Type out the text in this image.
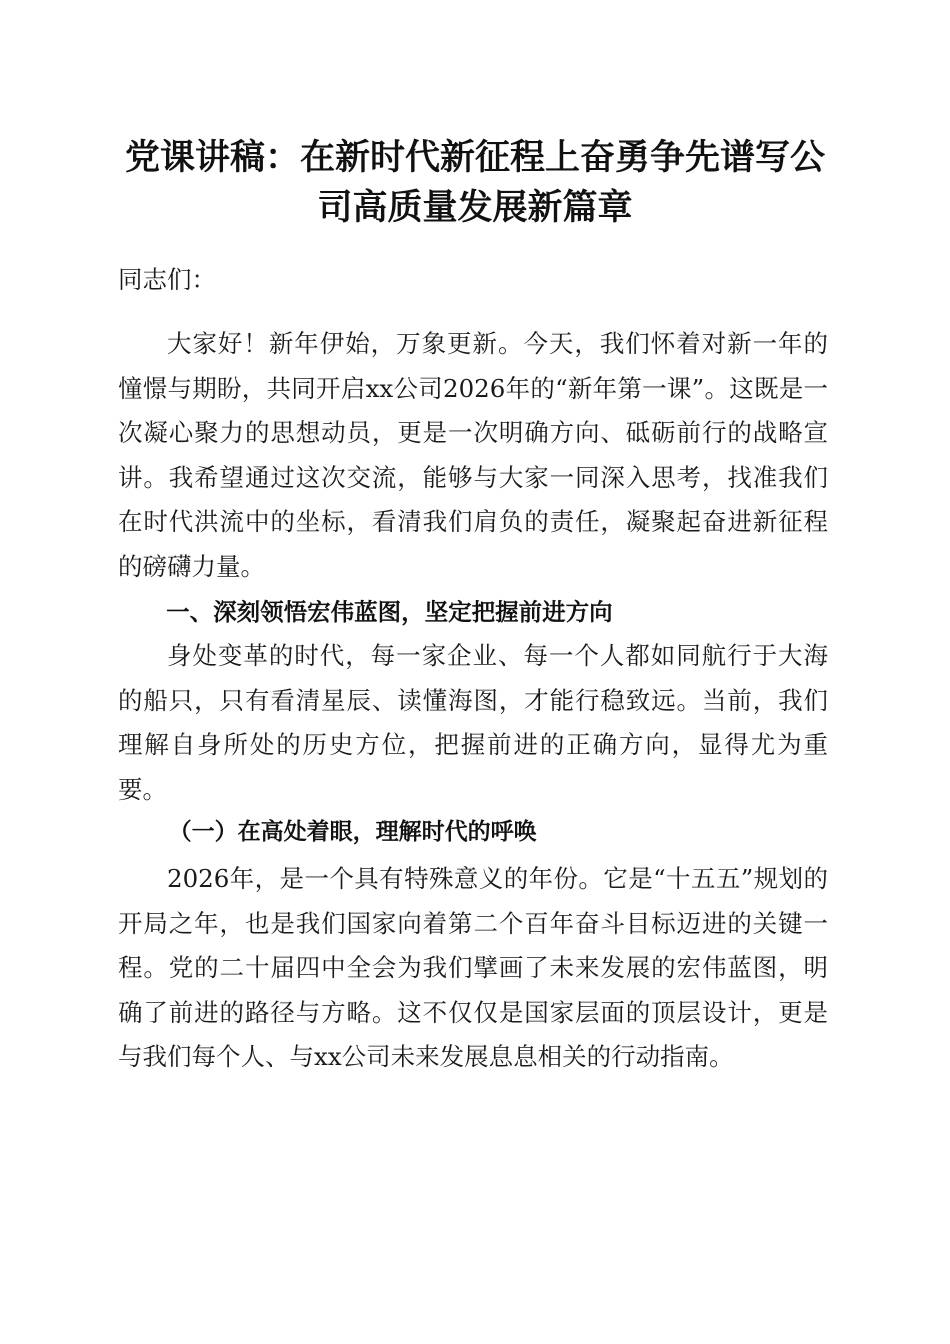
党课讲稿：在新时代新征程上奋勇争先谱写公
司高质量发展新篇章
同志们：
大家好！新年伊始，万象更新。今天，我们怀着对新一年的憧憬与期盼，共同开启xx公司2026年的“新年第一课”。这既是一次凝心聚力的思想动员，更是一次明确方向、砥砺前行的战略宣讲。我希望通过这次交流，能够与大家一同深入思考，找准我们在时代洪流中的坐标，看清我们肩负的责任，凝聚起奋进新征程的磅礴力量。
一、深刻领悟宏伟蓝图，坚定把握前进方向
身处变革的时代，每一家企业、每一个人都如同航行于大海的船只，只有看清星辰、读懂海图，才能行稳致远。当前，我们理解自身所处的历史方位，把握前进的正确方向，显得尤为重要。
（一）在高处着眼，理解时代的呼唤
2026年，是一个具有特殊意义的年份。它是“十五五”规划的开局之年，也是我们国家向着第二个百年奋斗目标迈进的关键一程。党的二十届四中全会为我们擘画了未来发展的宏伟蓝图，明确了前进的路径与方略。这不仅仅是国家层面的顶层设计，更是与我们每个人、与xx公司未来发展息息相关的行动指南。
